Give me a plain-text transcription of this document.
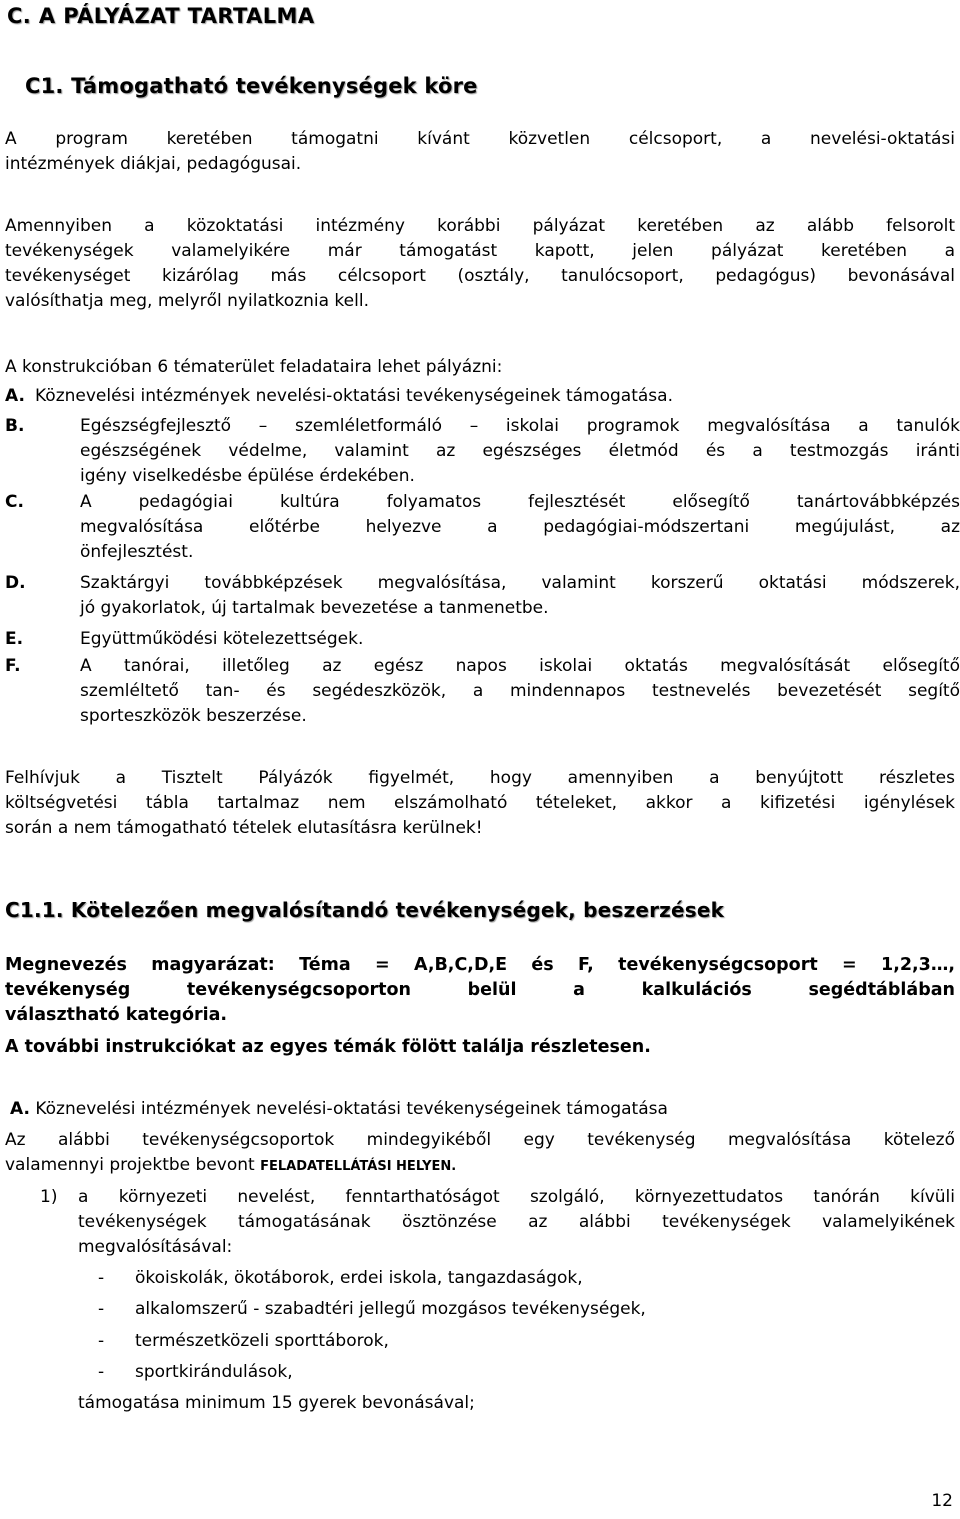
C. A PÁLYÁZAT TARTALMA
C1. Támogatható tevékenységek köre
A program keretében támogatni kívánt közvetlen célcsoport, a nevelési-oktatási
intézmények diákjai, pedagógusai.
Amennyiben a közoktatási intézmény korábbi pályázat keretében az alább felsorolt
tevékenységek valamelyikére már támogatást kapott, jelen pályázat keretében a
tevékenységet kizárólag más célcsoport (osztály, tanulócsoport, pedagógus) bevonásával
valósíthatja meg, melyről nyilatkoznia kell.
A konstrukcióban 6 tématerület feladataira lehet pályázni:
A. Köznevelési intézmények nevelési-oktatási tevékenységeinek támogatása.
B.	Egészségfejlesztő – szemléletformáló – iskolai programok megvalósítása a tanulók
egészségének védelme, valamint az egészséges életmód és a testmozgás iránti
igény viselkedésbe épülése érdekében.
C.	A pedagógiai kultúra folyamatos fejlesztését elősegítő tanártovábbképzés
megvalósítása előtérbe helyezve a pedagógiai-módszertani megújulást, az
önfejlesztést.
D.	Szaktárgyi továbbképzések megvalósítása, valamint korszerű oktatási módszerek,
jó gyakorlatok, új tartalmak bevezetése a tanmenetbe.
E.	Együttműködési kötelezettségek.
F.	A tanórai, illetőleg az egész napos iskolai oktatás megvalósítását elősegítő
szemléltető tan- és segédeszközök, a mindennapos testnevelés bevezetését segítő
sporteszközök beszerzése.
Felhívjuk a Tisztelt Pályázók figyelmét, hogy amennyiben a benyújtott részletes
költségvetési tábla tartalmaz nem elszámolható tételeket, akkor a kifizetési igénylések
során a nem támogatható tételek elutasításra kerülnek!
C1.1. Kötelezően megvalósítandó tevékenységek, beszerzések
Megnevezés magyarázat: Téma = A,B,C,D,E és F, tevékenységcsoport = 1,2,3…,
tevékenység tevékenységcsoporton belül a kalkulációs segédtáblában
választható kategória.
A további instrukciókat az egyes témák fölött találja részletesen.
A. Köznevelési intézmények nevelési-oktatási tevékenységeinek támogatása
Az alábbi tevékenységcsoportok mindegyikéből egy tevékenység megvalósítása kötelező
valamennyi projektbe bevont FELADATELLÁTÁSI HELYEN.
1) a környezeti nevelést, fenntarthatóságot szolgáló, környezettudatos tanórán kívüli
tevékenységek támogatásának ösztönzése az alábbi tevékenységek valamelyikének
megvalósításával:
- ökoiskolák, ökotáborok, erdei iskola, tangazdaságok,
- alkalomszerű - szabadtéri jellegű mozgásos tevékenységek,
- természetközeli sporttáborok,
- sportkirándulások,
támogatása minimum 15 gyerek bevonásával;
12
